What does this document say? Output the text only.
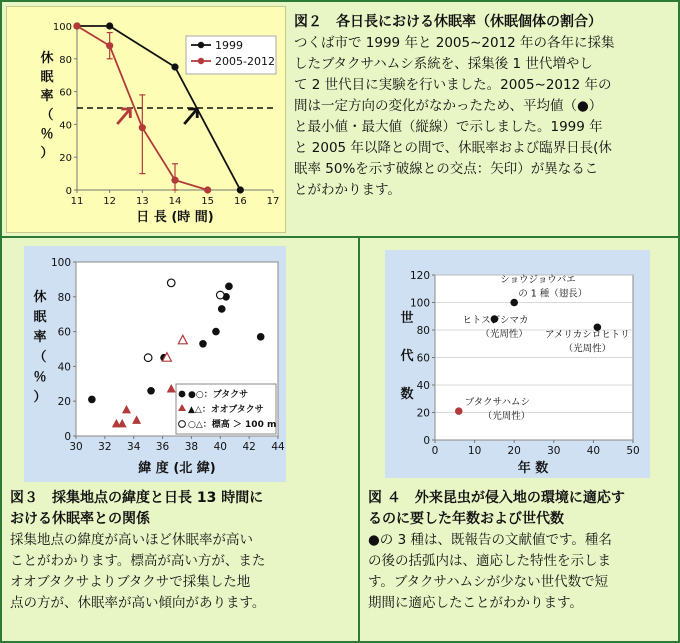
11 12 13 14 15 16 17
0
20
40
60
80
100
1999
2005-2012
休
眠
率
（
％
）
日 長 (時 間)
図２　各日長における休眠率（休眠個体の割合）
つくば市で 1999 年と 2005∼2012 年の各年に採集
したブタクサハムシ系統を、採集後 1 世代増やし
て 2 世代目に実験を行いました。2005∼2012 年の
間は一定方向の変化がなかったため、平均値（●）
と最小値・最大値（縦線）で示しました。1999 年
と 2005 年以降との間で、休眠率および臨界日長(休
眠率 50%を示す破線との交点：矢印）が異なるこ
とがわかります。
30 32 34 36 38 40 42 44
0
20
40
60
80
100
●○：ブタクサ
▲△：オオブタクサ
○△：標高 ＞ 100 m
休
眠
率
（
％
）
緯 度 (北 緯)
図３　採集地点の緯度と日長 13 時間に
おける休眠率との関係
採集地点の緯度が高いほど休眠率が高い
ことがわかります。標高が高い方が、また
オオブタクサよりブタクサで採集した地
点の方が、休眠率が高い傾向があります。
0	10 20 30 40 50
0
20
40
60
80
100
120	ショウジョウバエ
の 1 種（翅長）
ヒトスジシマカ
（光周性） アメリカシロヒトリ
（光周性）
ブタクサハムシ
（光周性）
世
代
数
年 数
図 ４　外来昆虫が侵入地の環境に適応す
るのに要した年数および世代数
●の 3 種は、既報告の文献値です。種名
の後の括弧内は、適応した特性を示しま
す。ブタクサハムシが少ない世代数で短
期間に適応したことがわかります。
